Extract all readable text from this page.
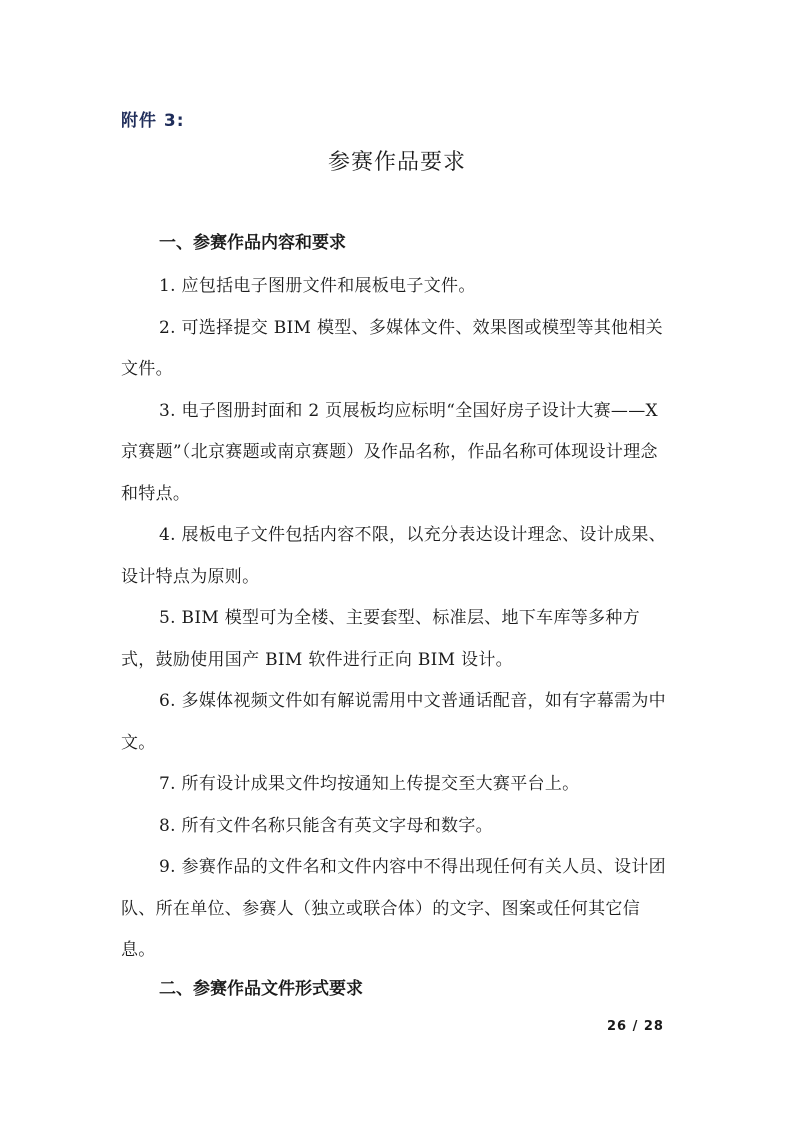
附件 3:
参赛作品要求
一、参赛作品内容和要求

1. 应包括电子图册文件和展板电子文件。

2. 可选择提交 BIM 模型、多媒体文件、效果图或模型等其他相关文件。

3. 电子图册封面和 2 页展板均应标明“全国好房子设计大赛——X京赛题”（北京赛题或南京赛题）及作品名称，作品名称可体现设计理念和特点。

4. 展板电子文件包括内容不限，以充分表达设计理念、设计成果、设计特点为原则。

5. BIM 模型可为全楼、主要套型、标准层、地下车库等多种方式，鼓励使用国产 BIM 软件进行正向 BIM 设计。

6. 多媒体视频文件如有解说需用中文普通话配音，如有字幕需为中文。

7. 所有设计成果文件均按通知上传提交至大赛平台上。

8. 所有文件名称只能含有英文字母和数字。

9. 参赛作品的文件名和文件内容中不得出现任何有关人员、设计团队、所在单位、参赛人（独立或联合体）的文字、图案或任何其它信息。

二、参赛作品文件形式要求
26 / 28
